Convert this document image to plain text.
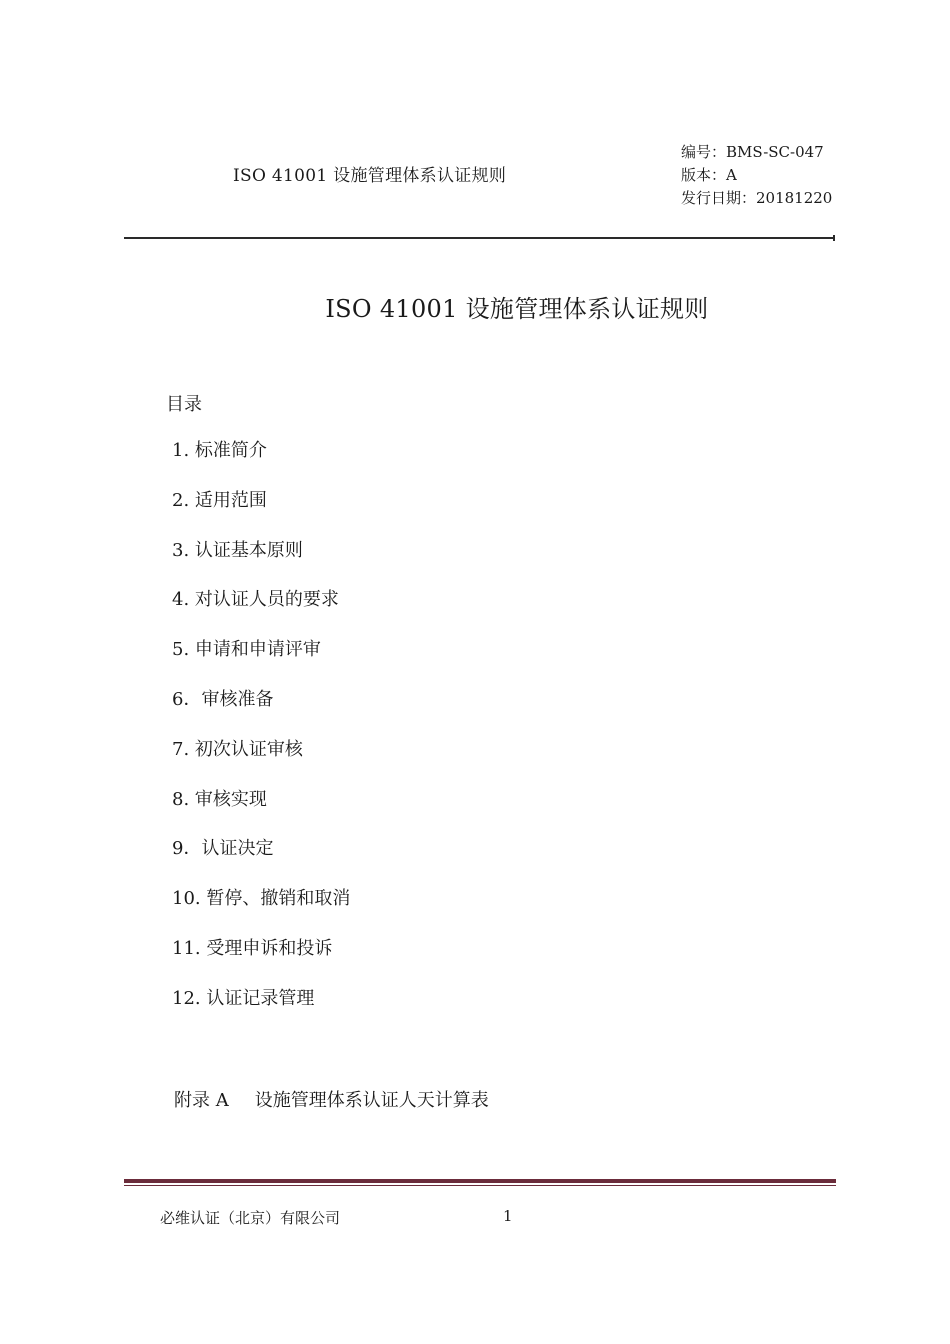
ISO 41001 设施管理体系认证规则
编号：BMS-SC-047
版本：A
发行日期：20181220
ISO 41001 设施管理体系认证规则
目录
1. 标准简介
2. 适用范围
3. 认证基本原则
4. 对认证人员的要求
5. 申请和申请评审
6．审核准备
7. 初次认证审核
8. 审核实现
9．认证决定
10. 暂停、撤销和取消
11. 受理申诉和投诉
12. 认证记录管理
附录 A 设施管理体系认证人天计算表
必维认证（北京）有限公司	1
